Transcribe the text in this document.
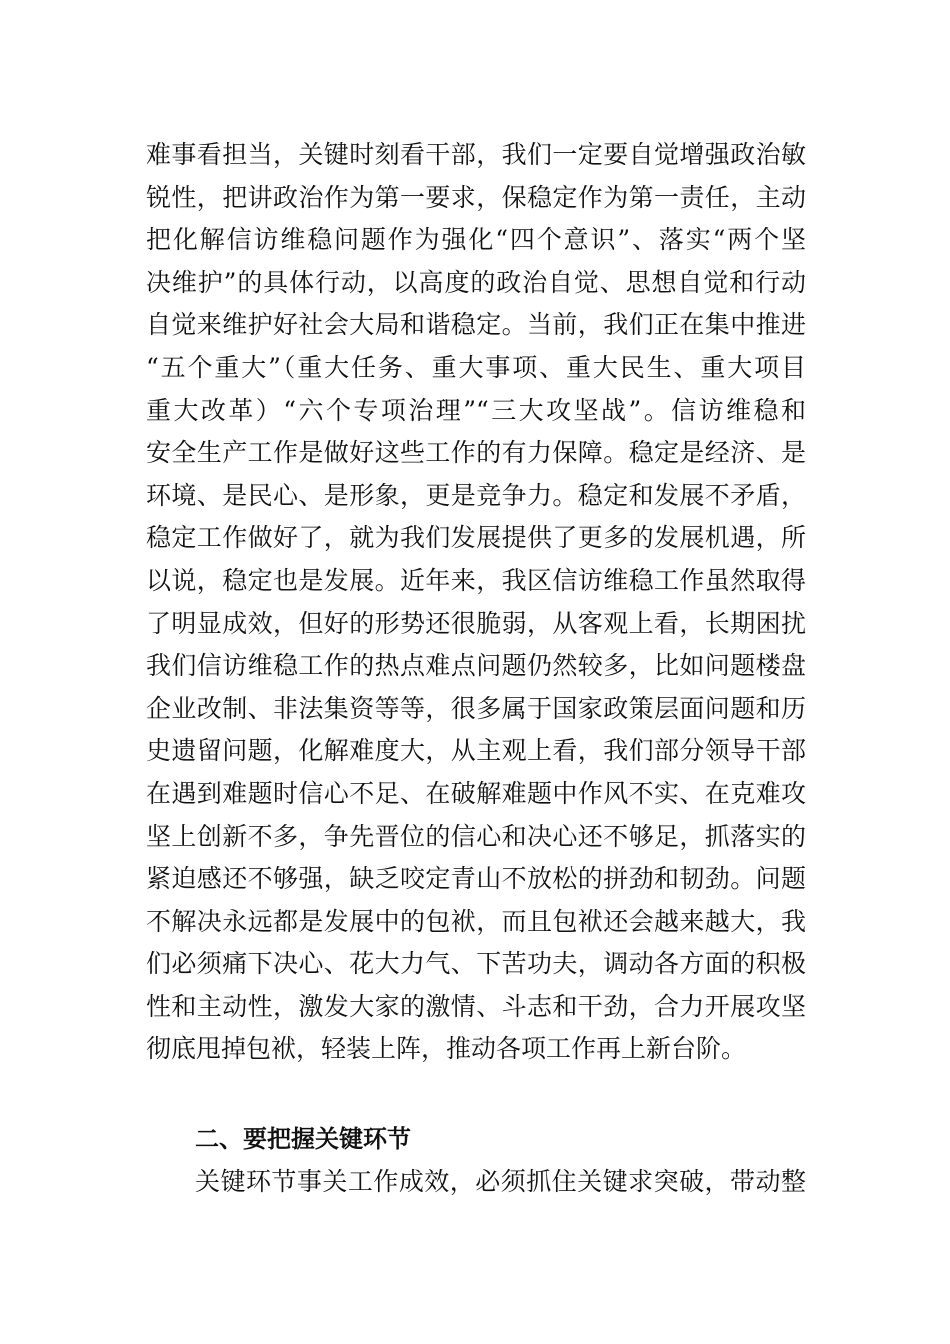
难事看担当，关键时刻看干部，我们一定要自觉增强政治敏
锐性，把讲政治作为第一要求，保稳定作为第一责任，主动
把化解信访维稳问题作为强化“四个意识”、落实“两个坚
决维护”的具体行动，以高度的政治自觉、思想自觉和行动
自觉来维护好社会大局和谐稳定。当前，我们正在集中推进
“五个重大”（重大任务、重大事项、重大民生、重大项目
重大改革）“六个专项治理”“三大攻坚战”。信访维稳和
安全生产工作是做好这些工作的有力保障。稳定是经济、是
环境、是民心、是形象，更是竞争力。稳定和发展不矛盾，
稳定工作做好了，就为我们发展提供了更多的发展机遇，所
以说，稳定也是发展。近年来，我区信访维稳工作虽然取得
了明显成效，但好的形势还很脆弱，从客观上看，长期困扰
我们信访维稳工作的热点难点问题仍然较多，比如问题楼盘
企业改制、非法集资等等，很多属于国家政策层面问题和历
史遗留问题，化解难度大，从主观上看，我们部分领导干部
在遇到难题时信心不足、在破解难题中作风不实、在克难攻
坚上创新不多，争先晋位的信心和决心还不够足，抓落实的
紧迫感还不够强，缺乏咬定青山不放松的拼劲和韧劲。问题
不解决永远都是发展中的包袱，而且包袱还会越来越大，我
们必须痛下决心、花大力气、下苦功夫，调动各方面的积极
性和主动性，激发大家的激情、斗志和干劲，合力开展攻坚
彻底甩掉包袱，轻装上阵，推动各项工作再上新台阶。
二、要把握关键环节
关键环节事关工作成效，必须抓住关键求突破，带动整
